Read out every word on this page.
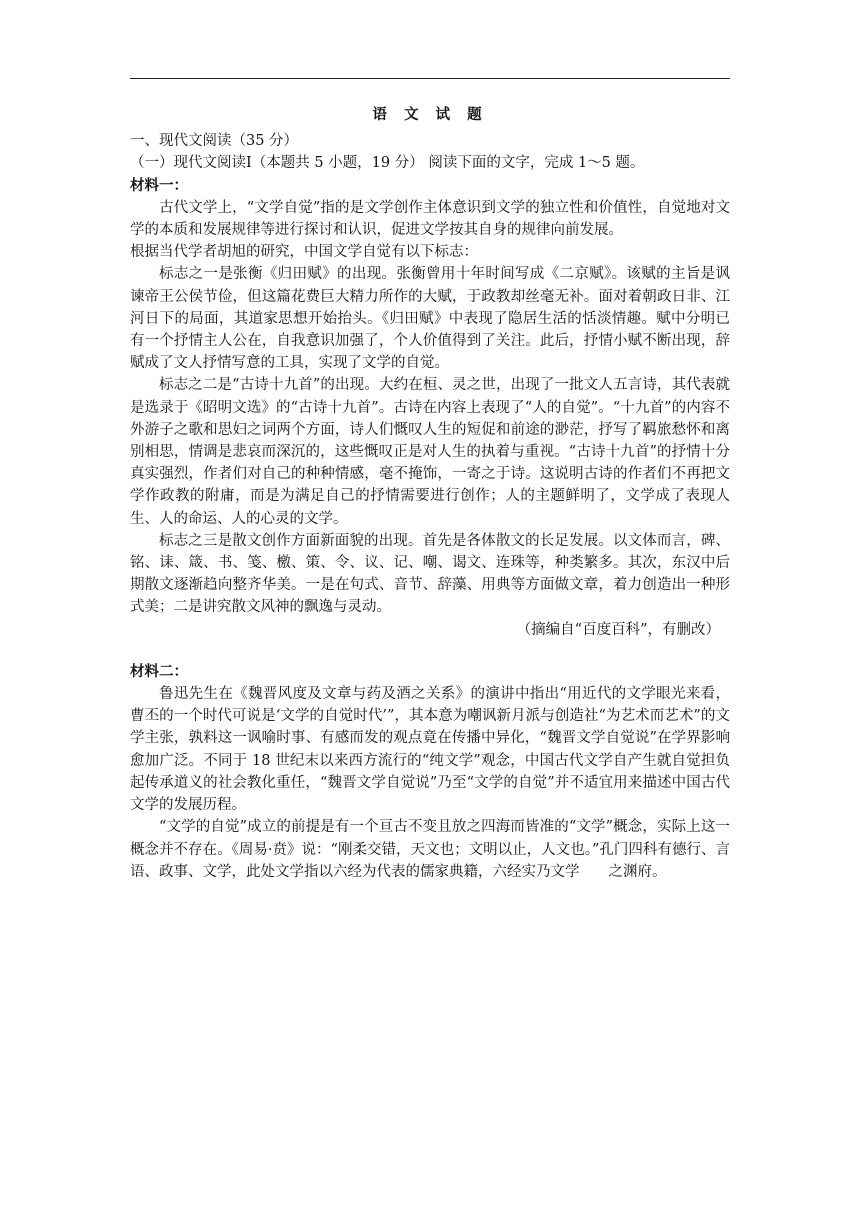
语 文 试 题

一、现代文阅读（35 分）

（一）现代文阅读Ⅰ（本题共 5 小题，19 分） 阅读下面的文字，完成 1～5 题。

材料一：

古代文学上，“文学自觉”指的是文学创作主体意识到文学的独立性和价值性，自觉地对文学的本质和发展规律等进行探讨和认识，促进文学按其自身的规律向前发展。

根据当代学者胡旭的研究，中国文学自觉有以下标志：

标志之一是张衡《归田赋》的出现。张衡曾用十年时间写成《二京赋》。该赋的主旨是讽谏帝王公侯节俭，但这篇花费巨大精力所作的大赋，于政教却丝毫无补。面对着朝政日非、江河日下的局面，其道家思想开始抬头。《归田赋》中表现了隐居生活的恬淡情趣。赋中分明已有一个抒情主人公在，自我意识加强了，个人价值得到了关注。此后，抒情小赋不断出现，辞赋成了文人抒情写意的工具，实现了文学的自觉。

标志之二是“古诗十九首”的出现。大约在桓、灵之世，出现了一批文人五言诗，其代表就是选录于《昭明文选》的“古诗十九首”。古诗在内容上表现了“人的自觉”。“十九首”的内容不外游子之歌和思妇之词两个方面，诗人们慨叹人生的短促和前途的渺茫，抒写了羁旅愁怀和离别相思，情调是悲哀而深沉的，这些慨叹正是对人生的执着与重视。“古诗十九首”的抒情十分真实强烈，作者们对自己的种种情感，毫不掩饰，一寄之于诗。这说明古诗的作者们不再把文学作政教的附庸，而是为满足自己的抒情需要进行创作；人的主题鲜明了，文学成了表现人生、人的命运、人的心灵的文学。

标志之三是散文创作方面新面貌的出现。首先是各体散文的长足发展。以文体而言，碑、铭、诔、箴、书、笺、檄、策、令、议、记、嘲、谒文、连珠等，种类繁多。其次，东汉中后期散文逐渐趋向整齐华美。一是在句式、音节、辞藻、用典等方面做文章，着力创造出一种形式美；二是讲究散文风神的飘逸与灵动。

（摘编自“百度百科”，有删改）

材料二：

鲁迅先生在《魏晋风度及文章与药及酒之关系》的演讲中指出“用近代的文学眼光来看，曹丕的一个时代可说是‘文学的自觉时代’”，其本意为嘲讽新月派与创造社“为艺术而艺术”的文学主张，孰料这一讽喻时事、有感而发的观点竟在传播中异化，“魏晋文学自觉说”在学界影响愈加广泛。不同于 18 世纪末以来西方流行的“纯文学”观念，中国古代文学自产生就自觉担负起传承道义的社会教化重任，“魏晋文学自觉说”乃至“文学的自觉”并不适宜用来描述中国古代文学的发展历程。

“文学的自觉”成立的前提是有一个亘古不变且放之四海而皆准的“文学”概念，实际上这一概念并不存在。《周易·贲》说：“刚柔交错，天文也；文明以止，人文也。”孔门四科有德行、言语、政事、文学，此处文学指以六经为代表的儒家典籍，六经实乃文学　　之渊府。
